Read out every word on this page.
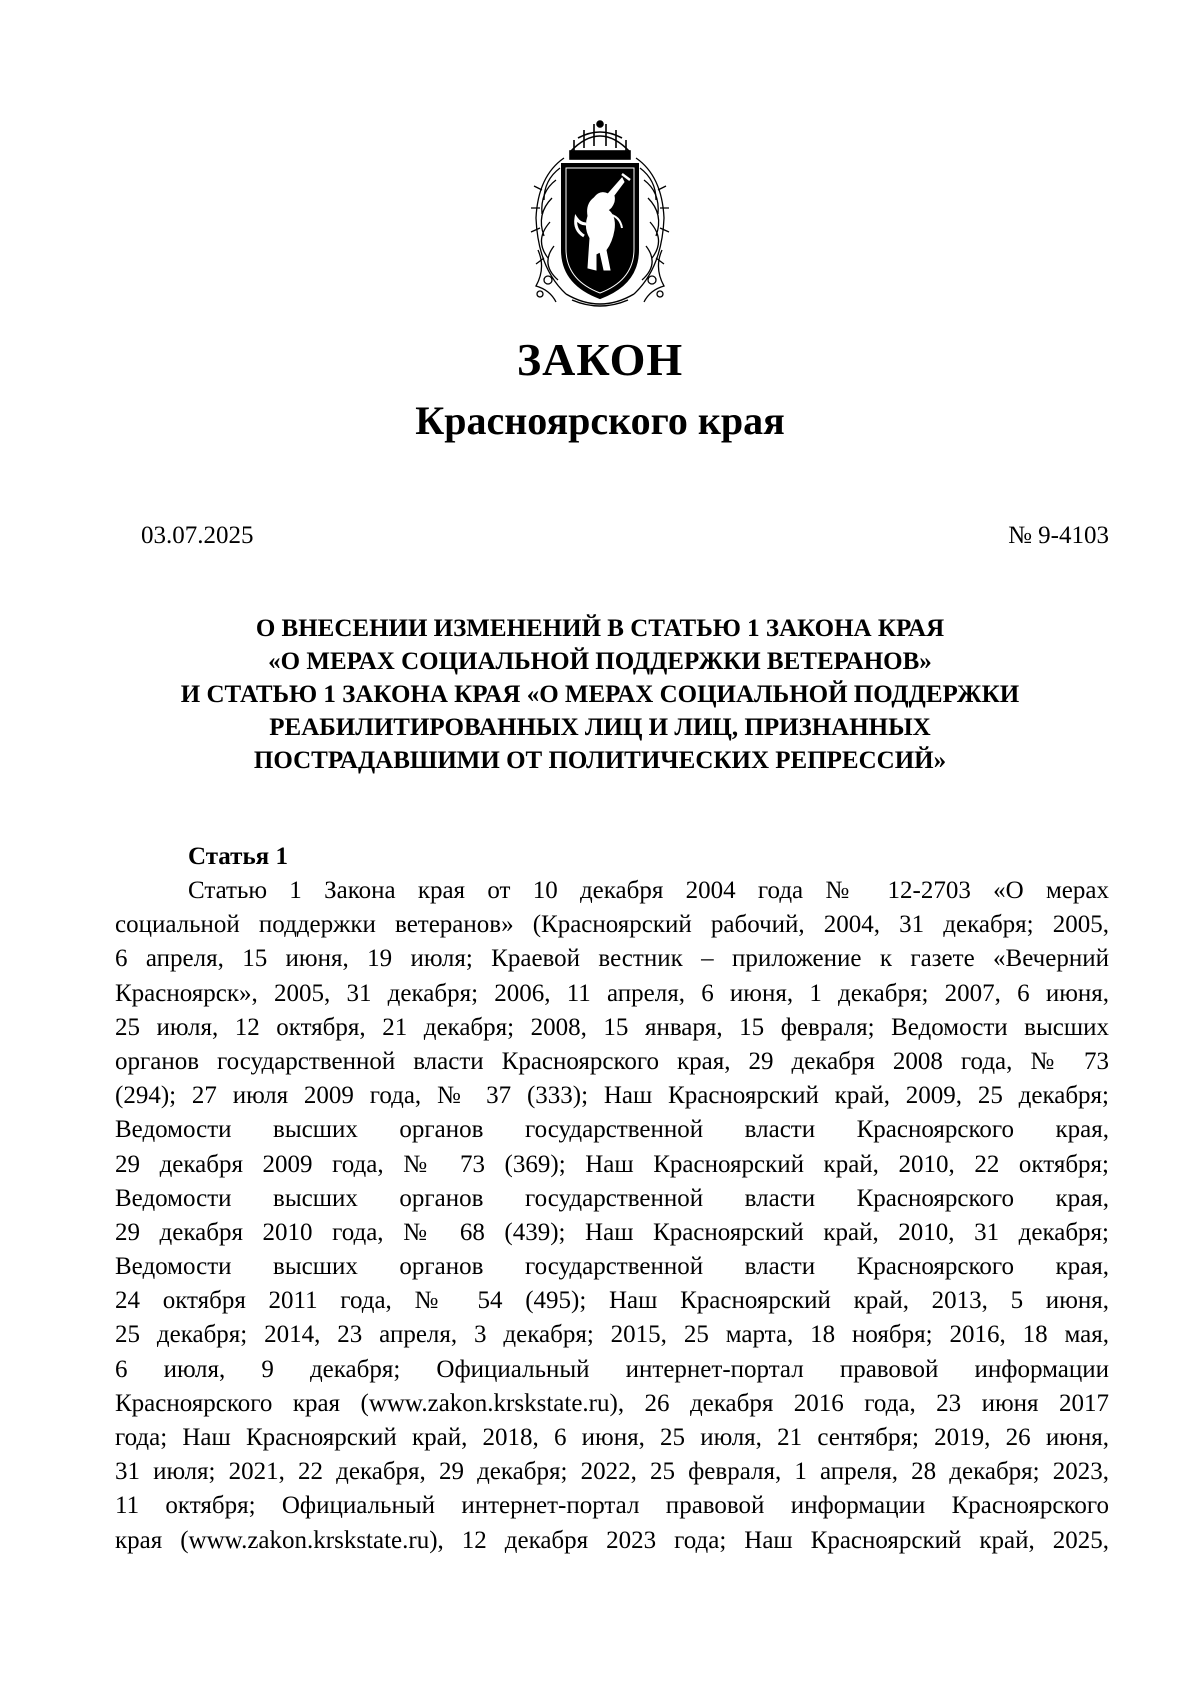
ЗАКОН
Красноярского края
03.07.2025	№ 9-4103
О ВНЕСЕНИИ ИЗМЕНЕНИЙ В СТАТЬЮ 1 ЗАКОНА КРАЯ
«О МЕРАХ СОЦИАЛЬНОЙ ПОДДЕРЖКИ ВЕТЕРАНОВ»
И СТАТЬЮ 1 ЗАКОНА КРАЯ «О МЕРАХ СОЦИАЛЬНОЙ ПОДДЕРЖКИ
РЕАБИЛИТИРОВАННЫХ ЛИЦ И ЛИЦ, ПРИЗНАННЫХ
ПОСТРАДАВШИМИ ОТ ПОЛИТИЧЕСКИХ РЕПРЕССИЙ»
Статья 1
Статью 1 Закона края от 10 декабря 2004 года № 12-2703 «О мерах
социальной поддержки ветеранов» (Красноярский рабочий, 2004, 31 декабря; 2005,
6 апреля, 15 июня, 19 июля; Краевой вестник – приложение к газете «Вечерний
Красноярск», 2005, 31 декабря; 2006, 11 апреля, 6 июня, 1 декабря; 2007, 6 июня,
25 июля, 12 октября, 21 декабря; 2008, 15 января, 15 февраля; Ведомости высших
органов государственной власти Красноярского края, 29 декабря 2008 года, № 73
(294); 27 июля 2009 года, № 37 (333); Наш Красноярский край, 2009, 25 декабря;
Ведомости высших органов государственной власти Красноярского края,
29 декабря 2009 года, № 73 (369); Наш Красноярский край, 2010, 22 октября;
Ведомости высших органов государственной власти Красноярского края,
29 декабря 2010 года, № 68 (439); Наш Красноярский край, 2010, 31 декабря;
Ведомости высших органов государственной власти Красноярского края,
24 октября 2011 года, № 54 (495); Наш Красноярский край, 2013, 5 июня,
25 декабря; 2014, 23 апреля, 3 декабря; 2015, 25 марта, 18 ноября; 2016, 18 мая,
6 июля, 9 декабря; Официальный интернет-портал правовой информации
Красноярского края (www.zakon.krskstate.ru), 26 декабря 2016 года, 23 июня 2017
года; Наш Красноярский край, 2018, 6 июня, 25 июля, 21 сентября; 2019, 26 июня,
31 июля; 2021, 22 декабря, 29 декабря; 2022, 25 февраля, 1 апреля, 28 декабря; 2023,
11 октября; Официальный интернет-портал правовой информации Красноярского
края (www.zakon.krskstate.ru), 12 декабря 2023 года; Наш Красноярский край, 2025,
